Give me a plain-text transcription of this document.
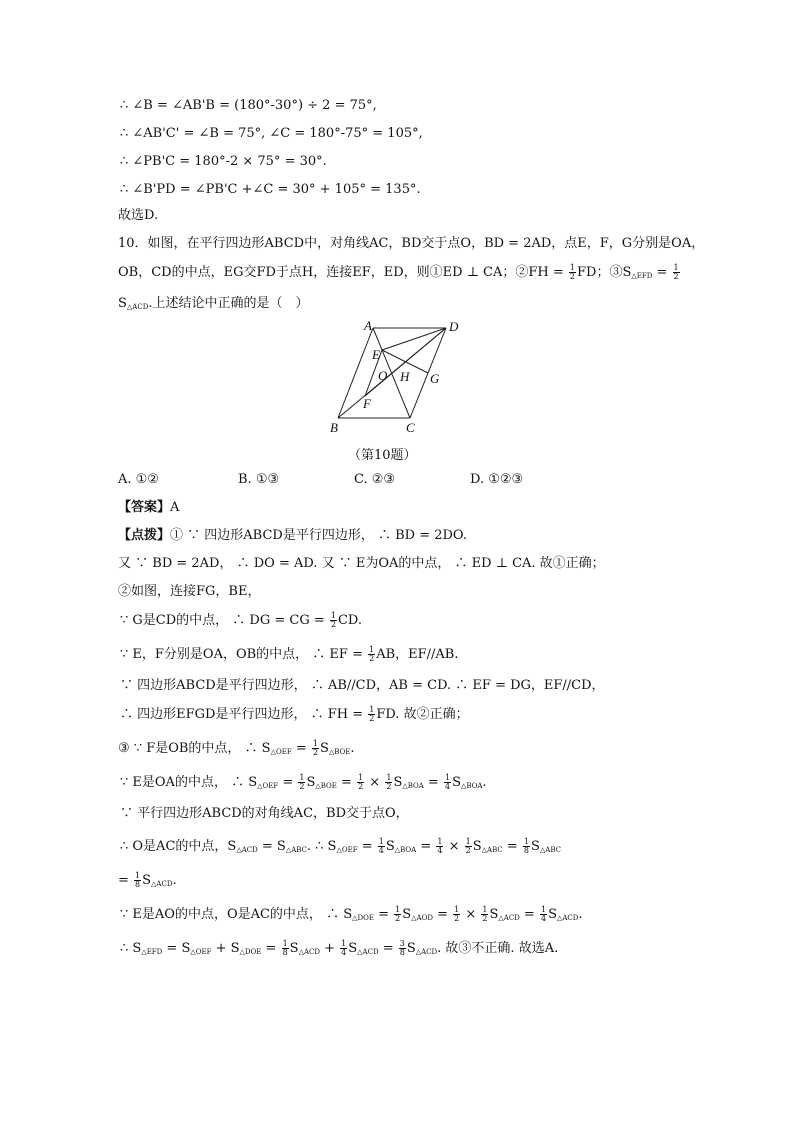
∴ ∠B = ∠AB'B = (180°-30°) ÷ 2 = 75°,
∴ ∠AB'C' = ∠B = 75°, ∠C = 180°-75° = 105°,
∴ ∠PB'C = 180°-2 × 75° = 30°.
∴ ∠B'PD = ∠PB'C +∠C = 30° + 105° = 135°.
故选D.
10．如图，在平行四边形ABCD中，对角线AC，BD交于点O，BD = 2AD，点E，F，G分别是OA，
OB，CD的中点，EG交FD于点H，连接EF，ED，则①ED ⊥ CA；②FH = $\frac{1}{2}$ FD；$③S_{\triangle EFD} = \frac{1}{2}$
$S_{\triangle ACD}$.上述结论中正确的是（　）
A	D
B	C
E
O H G
F
（第10题）
A. ①②	B. ①③	C. ②③	D. ①②③
【答案】A
【点拨】① ∵ 四边形ABCD是平行四边形， ∴ BD = 2DO.
又 ∵ BD = 2AD， ∴ DO = AD. 又 ∵ E为OA的中点， ∴ ED ⊥ CA. 故①正确；
②如图，连接FG，BE，
∵ G是CD的中点， ∴ DG = CG = $\frac{1}{2}$ CD.
∵ E，F分别是OA，OB的中点， ∴ EF = $\frac{1}{2}$ AB，EF//AB.
∵ 四边形ABCD是平行四边形， ∴ AB//CD，AB = CD. ∴ EF = DG，EF//CD，
∴ 四边形EFGD是平行四边形， ∴ FH = $\frac{1}{2}$ FD. 故②正确；
③ ∵ F是OB的中点， ∴ $S_{\triangle OEF} = \frac{1}{2} S_{\triangle BOE}$.
∵ E是OA的中点， ∴ $S_{\triangle OEF} = \frac{1}{2} S_{\triangle BOE} = \frac{1}{2} \times \frac{1}{2} S_{\triangle BOA} = \frac{1}{4} S_{\triangle BOA}$.
∵ 平行四边形ABCD的对角线AC，BD交于点O，
∴ O是AC的中点，$S_{\triangle ACD} = S_{\triangle ABC}$. ∴ $S_{\triangle OEF} = \frac{1}{4} S_{\triangle BOA} = \frac{1}{4} \times \frac{1}{2} S_{\triangle ABC} = \frac{1}{8} S_{\triangle ABC}$
= $\frac{1}{8} S_{\triangle ACD}$.
∵ E是AO的中点，O是AC的中点， ∴ $S_{\triangle DOE} = \frac{1}{2} S_{\triangle AOD} = \frac{1}{2} \times \frac{1}{2} S_{\triangle ACD} = \frac{1}{4} S_{\triangle ACD}$.
∴ $S_{\triangle EFD} = S_{\triangle OEF} + S_{\triangle DOE} = \frac{1}{8} S_{\triangle ACD} + \frac{1}{4} S_{\triangle ACD} = \frac{3}{8} S_{\triangle ACD}$. 故③不正确. 故选A.
